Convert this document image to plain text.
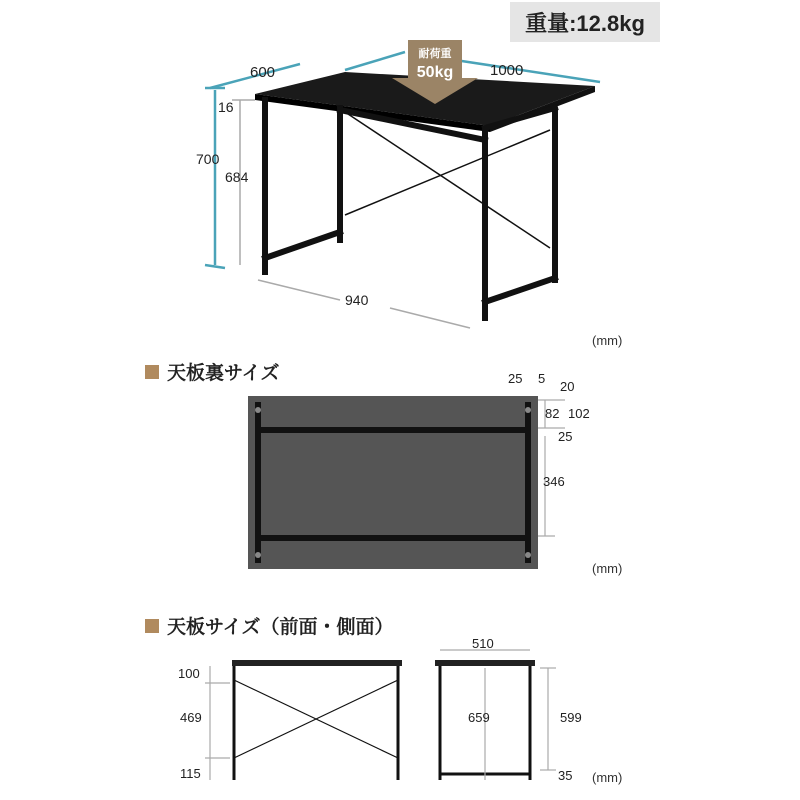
重量:12.8kg
耐荷重
50kg
600	1000
16
700
684
940
25 5
20
82 102
25
346
100
469
115
510
659	599
35
天板裏サイズ
天板サイズ（前面・側面）
(mm)
(mm)
(mm)
